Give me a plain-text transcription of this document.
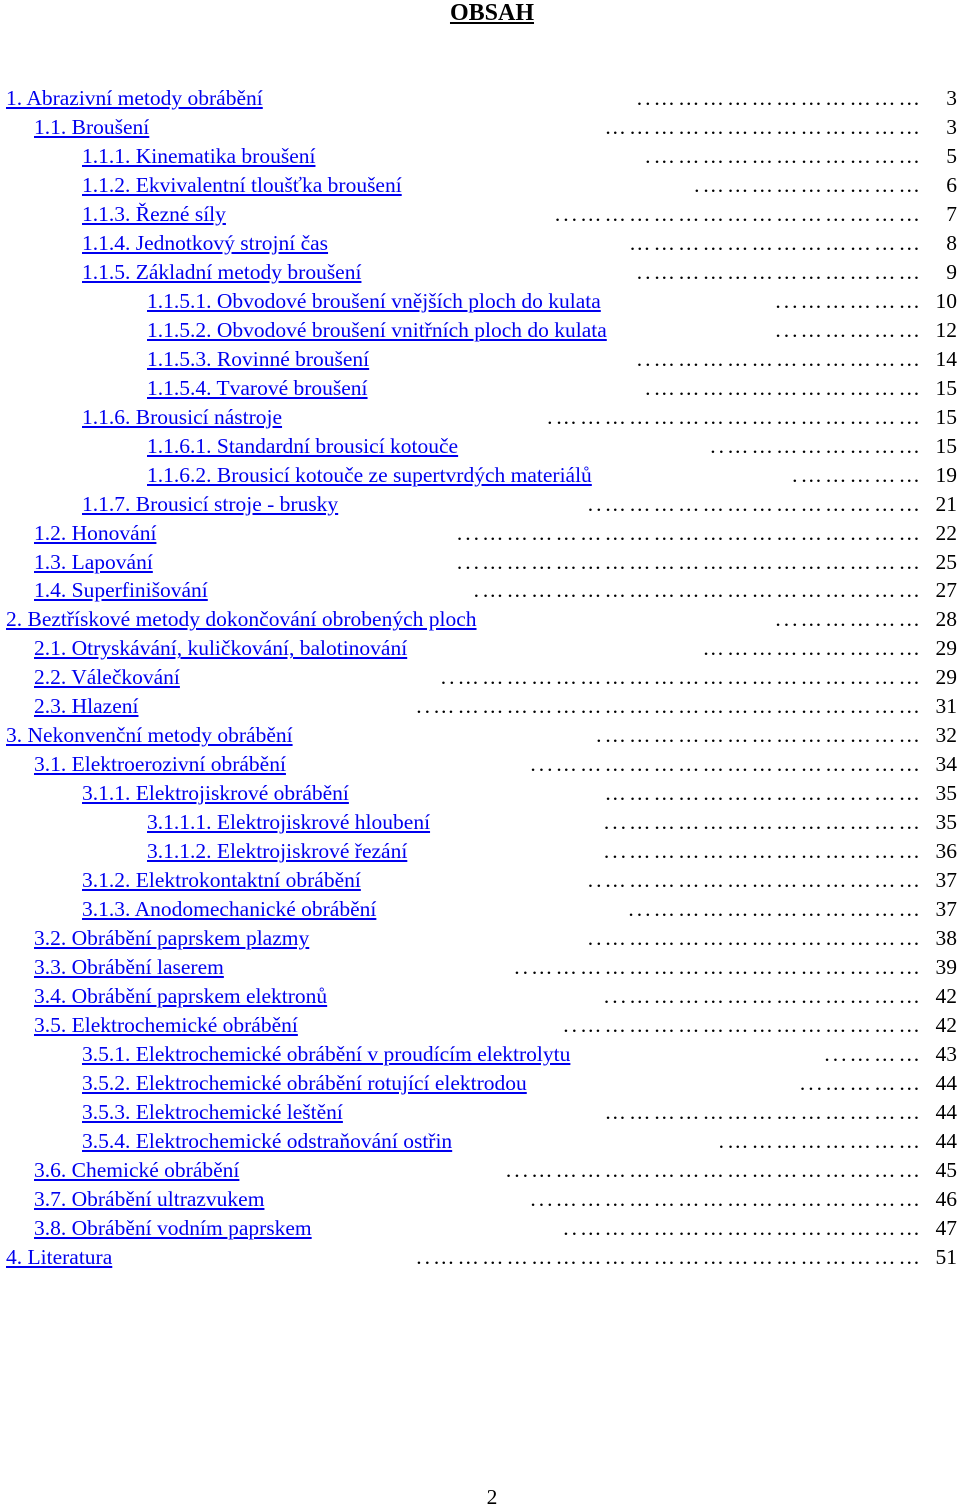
OBSAH
1. Abrazivní metody obrábění	…………………………….. 3
1.1. Broušení	………………………………… 3
1.1.1. Kinematika broušení	……………………………. 5
1.1.2. Ekvivalentní tloušťka broušení	………………………. 6
1.1.3. Řezné síly	……………………………………... 7
1.1.4. Jednotkový strojní čas	……………………………… 8
1.1.5. Základní metody broušení	…………………………….. 9
1.1.5.1. Obvodové broušení vnějších ploch do kulata	……………... 10
1.1.5.2. Obvodové broušení vnitřních ploch do kulata	……………... 12
1.1.5.3. Rovinné broušení	…………………………….. 14
1.1.5.4. Tvarové broušení	……………………………. 15
1.1.6. Brousicí nástroje	………………………………………. 15
1.1.6.1. Standardní brousicí kotouče	…………………….. 15
1.1.6.2. Brousicí kotouče ze supertvrdých materiálů	……………. 19
1.1.7. Brousicí stroje - brusky	………………………………….. 21
1.2. Honování	………………………………………………... 22
1.3. Lapování	………………………………………………... 25
1.4. Superfinišování	………………………………………………. 27
2. Beztřískové metody dokončování obrobených ploch	……………... 28
2.1. Otryskávání, kuličkování, balotinování	……………………… 29
2.2. Válečkování	………………………………………………….. 29
2.3. Hlazení	…………………………………………………….. 31
3. Nekonvenční metody obrábění	…………………………………. 32
3.1. Elektroerozivní obrábění	………………………………………... 34
3.1.1. Elektrojiskrové obrábění	………………………………… 35
3.1.1.1. Elektrojiskrové hloubení	………………………………... 35
3.1.1.2. Elektrojiskrové řezání	………………………………... 36
3.1.2. Elektrokontaktní obrábění	………………………………….. 37
3.1.3. Anodomechanické obrábění	……………………………... 37
3.2. Obrábění paprskem plazmy	………………………………….. 38
3.3. Obrábění laserem	………………………………………….. 39
3.4. Obrábění paprskem elektronů	………………………………... 42
3.5. Elektrochemické obrábění	…………………………………….. 42
3.5.1. Elektrochemické obrábění v proudícím elektrolytu	………... 43
3.5.2. Elektrochemické obrábění rotující elektrodou	…………... 44
3.5.3. Elektrochemické leštění	………………………………… 44
3.5.4. Elektrochemické odstraňování ostřin	……………………. 44
3.6. Chemické obrábění	…………………………………………... 45
3.7. Obrábění ultrazvukem	………………………………………... 46
3.8. Obrábění vodním paprskem	…………………………………….. 47
4. Literatura	…………………………………………………….. 51
2
